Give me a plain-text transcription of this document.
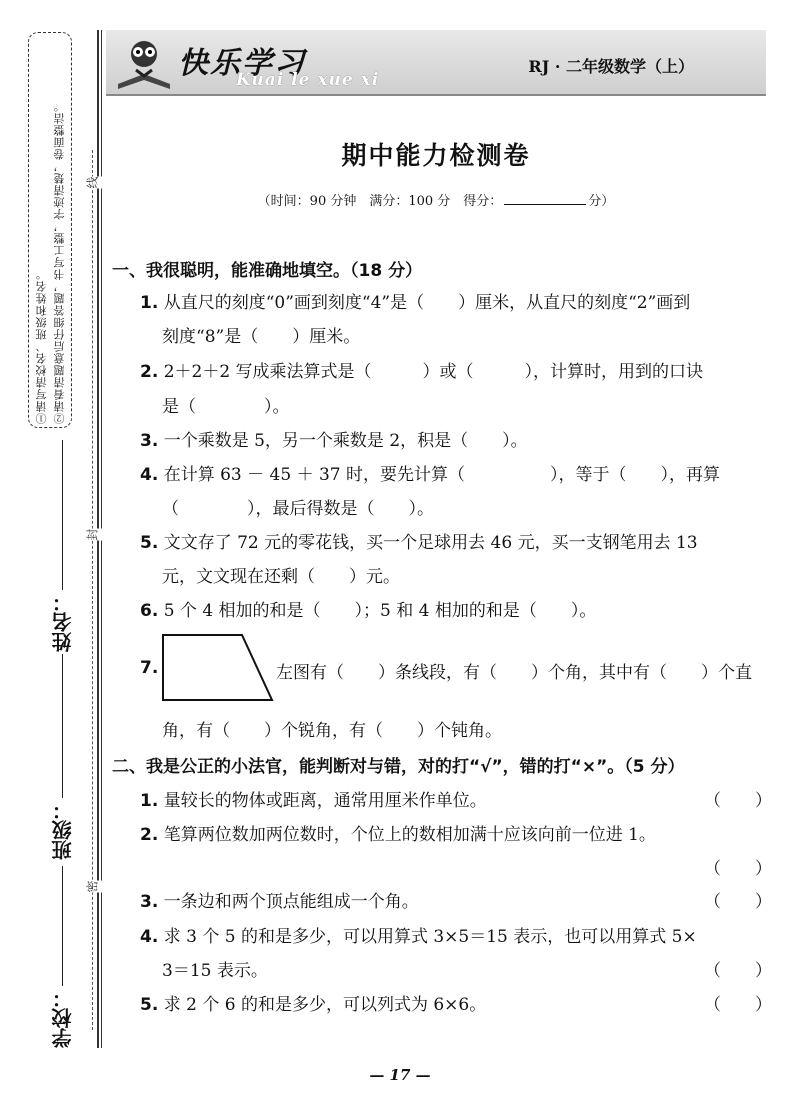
①请写清校名、班级和姓名。 ②请看清题意后仔细答题，书写工整，字迹清楚，卷面整洁。	线
封
密
姓名：
班级：
学校：
快乐学习
Kuai le xue xi
RJ · 二年级数学（上）
期中能力检测卷
（时间：90 分钟　满分：100 分　得分：	分）
一、我很聪明，能准确地填空。（18 分）
1. 从直尺的刻度“0”画到刻度“4”是（　　）厘米，从直尺的刻度“2”画到
刻度“8”是（　　）厘米。
2. 2＋2＋2 写成乘法算式是（　　　）或（　　　），计算时，用到的口诀
是（　　　　）。
3. 一个乘数是 5，另一个乘数是 2，积是（　　）。
4. 在计算 63 － 45 ＋ 37 时，要先计算（　　　　　），等于（　　），再算
（　　　　），最后得数是（　　）。
5. 文文存了 72 元的零花钱，买一个足球用去 46 元，买一支钢笔用去 13
元，文文现在还剩（　　）元。
6. 5 个 4 相加的和是（　　）；5 和 4 相加的和是（　　）。
7.	左图有（　　）条线段，有（　　）个角，其中有（　　）个直
角，有（　　）个锐角，有（　　）个钝角。
二、我是公正的小法官，能判断对与错，对的打“√”，错的打“×”。（5 分）
1. 量较长的物体或距离，通常用厘米作单位。	（　　）
2. 笔算两位数加两位数时，个位上的数相加满十应该向前一位进 1。
（　　）
3. 一条边和两个顶点能组成一个角。	（　　）
4. 求 3 个 5 的和是多少，可以用算式 3×5＝15 表示，也可以用算式 5×
3＝15 表示。	（　　）
5. 求 2 个 6 的和是多少，可以列式为 6×6。	（　　）
— 17 —
